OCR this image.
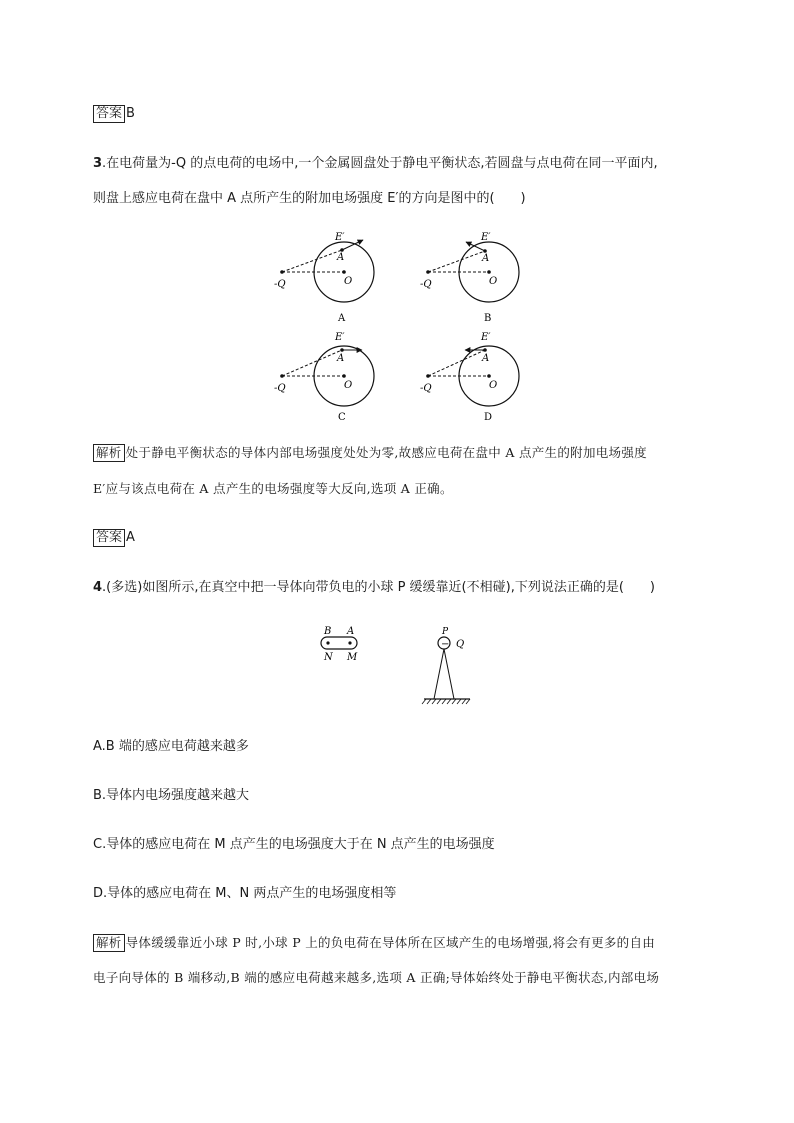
答案 B
3.在电荷量为-Q 的点电荷的电场中,一个金属圆盘处于静电平衡状态,若圆盘与点电荷在同一平面内,
则盘上感应电荷在盘中 A 点所产生的附加电场强度 E′的方向是图中的(　　)
-Q
A
O
E′
A
-Q
A
O
E′
B
-Q
A
O
E′
C
-Q
A
O
E′
D
解析 处于静电平衡状态的导体内部电场强度处处为零,故感应电荷在盘中 A 点产生的附加电场强度
E′应与该点电荷在 A 点产生的电场强度等大反向,选项 A 正确。
答案 A
4.(多选)如图所示,在真空中把一导体向带负电的小球 P 缓缓靠近(不相碰),下列说法正确的是(　　)
B A
N M
−
P
Q
A.B 端的感应电荷越来越多
B.导体内电场强度越来越大
C.导体的感应电荷在 M 点产生的电场强度大于在 N 点产生的电场强度
D.导体的感应电荷在 M、N 两点产生的电场强度相等
解析 导体缓缓靠近小球 P 时,小球 P 上的负电荷在导体所在区域产生的电场增强,将会有更多的自由
电子向导体的 B 端移动,B 端的感应电荷越来越多,选项 A 正确;导体始终处于静电平衡状态,内部电场
